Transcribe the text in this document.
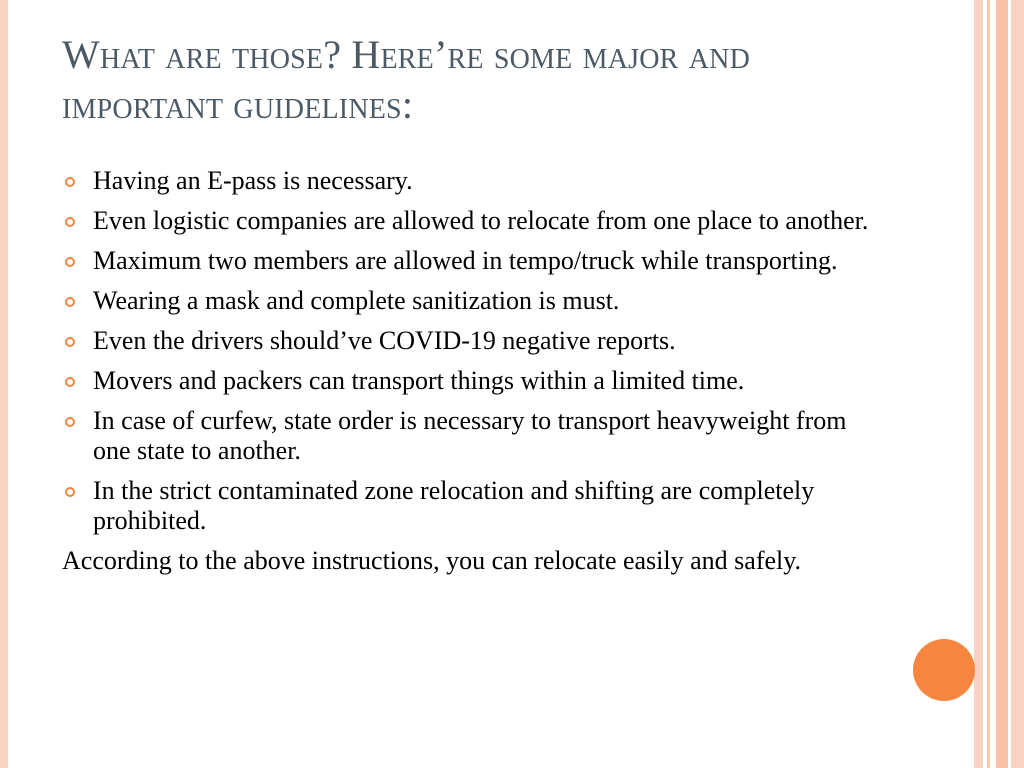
What are those? Here’re some major and
important guidelines:
Having an E-pass is necessary.
Even logistic companies are allowed to relocate from one place to another.
Maximum two members are allowed in tempo/truck while transporting.
Wearing a mask and complete sanitization is must.
Even the drivers should’ve COVID-19 negative reports.
Movers and packers can transport things within a limited time.
In case of curfew, state order is necessary to transport heavyweight from one state to another.
In the strict contaminated zone relocation and shifting are completely prohibited.

According to the above instructions, you can relocate easily and safely.
